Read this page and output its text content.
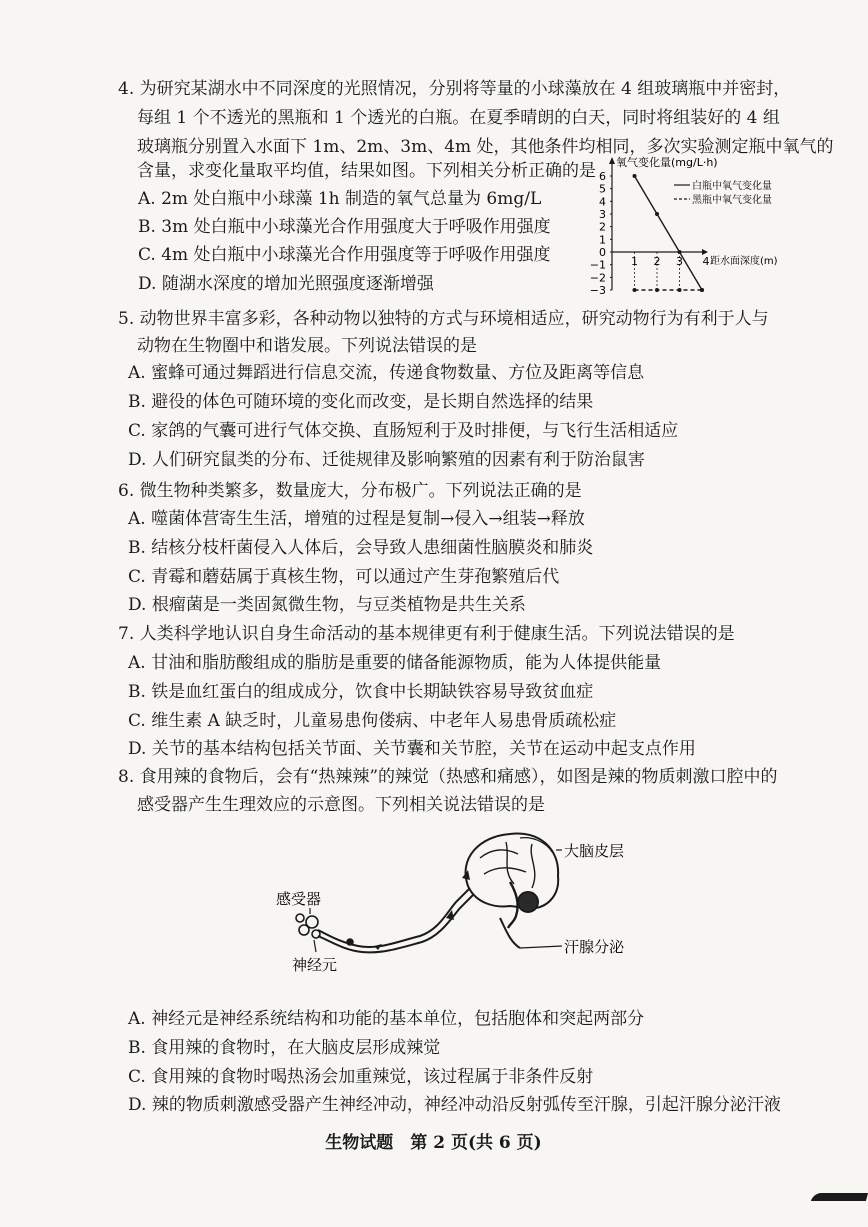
4. 为研究某湖水中不同深度的光照情况，分别将等量的小球藻放在 4 组玻璃瓶中并密封，
每组 1 个不透光的黑瓶和 1 个透光的白瓶。在夏季晴朗的白天，同时将组装好的 4 组
玻璃瓶分别置入水面下 1m、2m、3m、4m 处，其他条件均相同，多次实验测定瓶中氧气的
含量，求变化量取平均值，结果如图。下列相关分析正确的是
A. 2m 处白瓶中小球藻 1h 制造的氧气总量为 6mg/L
B. 3m 处白瓶中小球藻光合作用强度大于呼吸作用强度
C. 4m 处白瓶中小球藻光合作用强度等于呼吸作用强度
D. 随湖水深度的增加光照强度逐渐增强
6
5
4
3
2
1
0
−1
−2
−3
1 2 3 4
氧气变化量(mg/L·h)
距水面深度(m)
白瓶中氧气变化量
黑瓶中氧气变化量
5. 动物世界丰富多彩，各种动物以独特的方式与环境相适应，研究动物行为有利于人与
动物在生物圈中和谐发展。下列说法错误的是
A. 蜜蜂可通过舞蹈进行信息交流，传递食物数量、方位及距离等信息
B. 避役的体色可随环境的变化而改变，是长期自然选择的结果
C. 家鸽的气囊可进行气体交换、直肠短利于及时排便，与飞行生活相适应
D. 人们研究鼠类的分布、迁徙规律及影响繁殖的因素有利于防治鼠害
6. 微生物种类繁多，数量庞大，分布极广。下列说法正确的是
A. 噬菌体营寄生生活，增殖的过程是复制→侵入→组装→释放
B. 结核分枝杆菌侵入人体后，会导致人患细菌性脑膜炎和肺炎
C. 青霉和蘑菇属于真核生物，可以通过产生芽孢繁殖后代
D. 根瘤菌是一类固氮微生物，与豆类植物是共生关系
7. 人类科学地认识自身生命活动的基本规律更有利于健康生活。下列说法错误的是
A. 甘油和脂肪酸组成的脂肪是重要的储备能源物质，能为人体提供能量
B. 铁是血红蛋白的组成成分，饮食中长期缺铁容易导致贫血症
C. 维生素 A 缺乏时，儿童易患佝偻病、中老年人易患骨质疏松症
D. 关节的基本结构包括关节面、关节囊和关节腔，关节在运动中起支点作用
8. 食用辣的食物后，会有“热辣辣”的辣觉（热感和痛感），如图是辣的物质刺激口腔中的
感受器产生生理效应的示意图。下列相关说法错误的是
大脑皮层
感受器
神经元
汗腺分泌
A. 神经元是神经系统结构和功能的基本单位，包括胞体和突起两部分
B. 食用辣的食物时，在大脑皮层形成辣觉
C. 食用辣的食物时喝热汤会加重辣觉，该过程属于非条件反射
D. 辣的物质刺激感受器产生神经冲动，神经冲动沿反射弧传至汗腺，引起汗腺分泌汗液
生物试题　第 2 页(共 6 页)
